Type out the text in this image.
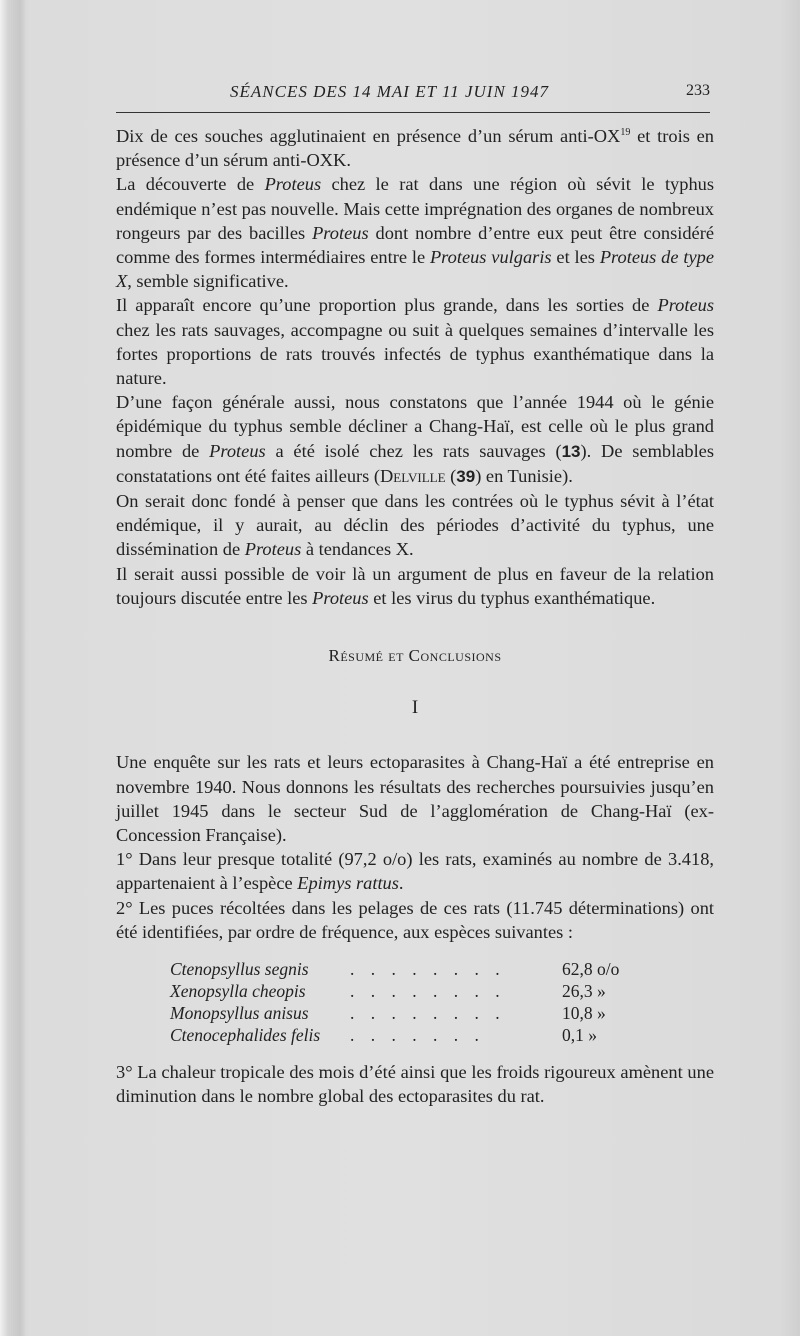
SÉANCES DES 14 MAI ET 11 JUIN 1947	233

Dix de ces souches agglutinaient en présence d’un sérum anti-OX$^{19}$ et trois en présence d’un sérum anti-OXK.

La découverte de Proteus chez le rat dans une région où sévit le typhus endémique n’est pas nouvelle. Mais cette imprégnation des organes de nombreux rongeurs par des bacilles Proteus dont nombre d’entre eux peut être considéré comme des formes intermédiaires entre le Proteus vulgaris et les Proteus de type X, semble significative.

Il apparaît encore qu’une proportion plus grande, dans les sorties de Proteus chez les rats sauvages, accompagne ou suit à quelques semaines d’intervalle les fortes proportions de rats trouvés infectés de typhus exanthématique dans la nature.

D’une façon générale aussi, nous constatons que l’année 1944 où le génie épidémique du typhus semble décliner a Chang-Haï, est celle où le plus grand nombre de Proteus a été isolé chez les rats sauvages (13). De semblables constatations ont été faites ailleurs (Delville (39) en Tunisie).

On serait donc fondé à penser que dans les contrées où le typhus sévit à l’état endémique, il y aurait, au déclin des périodes d’activité du typhus, une dissémination de Proteus à tendances X.

Il serait aussi possible de voir là un argument de plus en faveur de la relation toujours discutée entre les Proteus et les virus du typhus exanthématique.

Résumé et Conclusions

I

Une enquête sur les rats et leurs ectoparasites à Chang-Haï a été entreprise en novembre 1940. Nous donnons les résultats des recherches poursuivies jusqu’en juillet 1945 dans le secteur Sud de l’agglomération de Chang-Haï (ex-Concession Française).

1° Dans leur presque totalité (97,2 o/o) les rats, examinés au nombre de 3.418, appartenaient à l’espèce Epimys rattus.

2° Les puces récoltées dans les pelages de ces rats (11.745 déterminations) ont été identifiées, par ordre de fréquence, aux espèces suivantes :

Ctenopsyllus segnis . . . . . . . .	62,8 o/o
Xenopsylla cheopis	. . . . . . . .	26,3 »
Monopsyllus anisus . . . . . . . .	10,8 »
Ctenocephalides felis . . . . . . .	0,1 »

3° La chaleur tropicale des mois d’été ainsi que les froids rigoureux amènent une diminution dans le nombre global des ectoparasites du rat.
